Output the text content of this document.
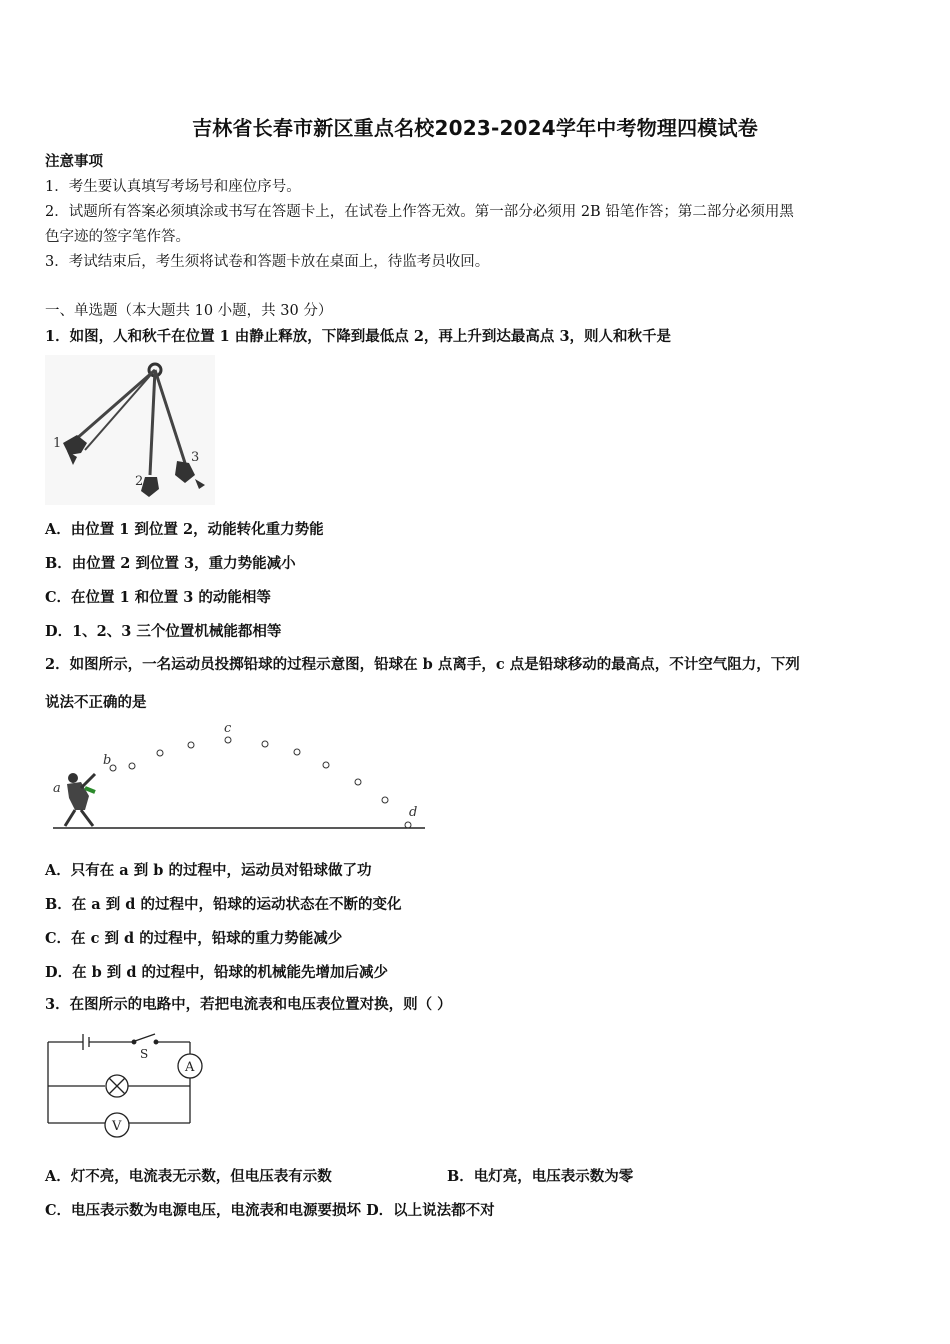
吉林省长春市新区重点名校2023-2024学年中考物理四模试卷
注意事项
1．考生要认真填写考场号和座位序号。
2．试题所有答案必须填涂或书写在答题卡上，在试卷上作答无效。第一部分必须用 2B 铅笔作答；第二部分必须用黑
色字迹的签字笔作答。
3．考试结束后，考生须将试卷和答题卡放在桌面上，待监考员收回。
一、单选题（本大题共 10 小题，共 30 分）
1．如图，人和秋千在位置 1 由静止释放，下降到最低点 2，再上升到达最高点 3，则人和秋千是
1
2
3
A．由位置 1 到位置 2，动能转化重力势能
B．由位置 2 到位置 3，重力势能减小
C．在位置 1 和位置 3 的动能相等
D．1、2、3 三个位置机械能都相等
2．如图所示，一名运动员投掷铅球的过程示意图，铅球在 b 点离手，c 点是铅球移动的最高点，不计空气阻力，下列
说法不正确的是
a
b
c
d
A．只有在 a 到 b 的过程中，运动员对铅球做了功
B．在 a 到 d 的过程中，铅球的运动状态在不断的变化
C．在 c 到 d 的过程中，铅球的重力势能减少
D．在 b 到 d 的过程中，铅球的机械能先增加后减少
3．在图所示的电路中，若把电流表和电压表位置对换，则（ ）
S
A
V
A．灯不亮，电流表无示数，但电压表有示数	B．电灯亮，电压表示数为零
C．电压表示数为电源电压，电流表和电源要损坏 D．以上说法都不对
